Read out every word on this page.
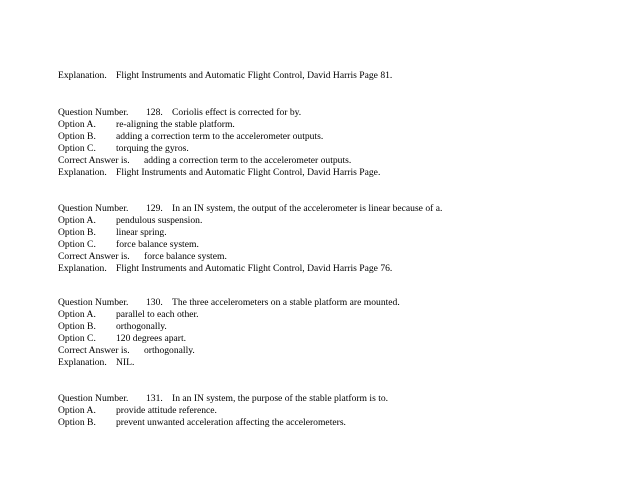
Explanation. Flight Instruments and Automatic Flight Control, David Harris Page 81.
Question Number. 128. Coriolis effect is corrected for by.
Option A. re-aligning the stable platform.
Option B. adding a correction term to the accelerometer outputs.
Option C. torquing the gyros.
Correct Answer is. adding a correction term to the accelerometer outputs.
Explanation. Flight Instruments and Automatic Flight Control, David Harris Page.
Question Number. 129. In an IN system, the output of the accelerometer is linear because of a.
Option A. pendulous suspension.
Option B. linear spring.
Option C. force balance system.
Correct Answer is. force balance system.
Explanation. Flight Instruments and Automatic Flight Control, David Harris Page 76.
Question Number. 130. The three accelerometers on a stable platform are mounted.
Option A. parallel to each other.
Option B. orthogonally.
Option C. 120 degrees apart.
Correct Answer is. orthogonally.
Explanation. NIL.
Question Number. 131. In an IN system, the purpose of the stable platform is to.
Option A. provide attitude reference.
Option B. prevent unwanted acceleration affecting the accelerometers.
